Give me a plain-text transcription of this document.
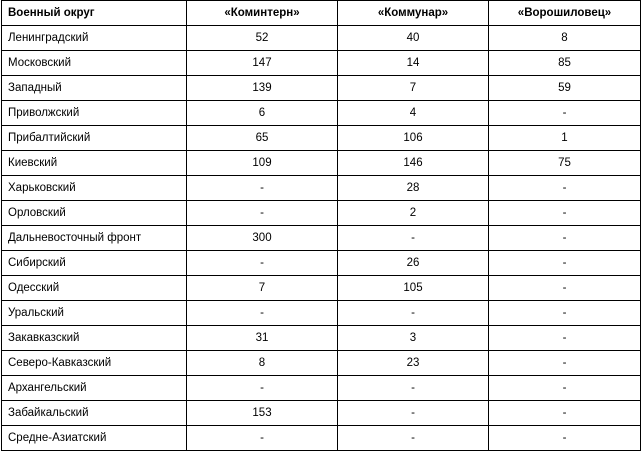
Военный округ	«Коминтерн»	«Коммунар»	«Ворошиловец»
Ленинградский	52	40	8
Московский	147	14	85
Западный	139	7	59
Приволжский	6	4	-
Прибалтийский	65	106	1
Киевский	109	146	75
Харьковский	-	28	-
Орловский	-	2	-
Дальневосточный фронт	300	-	-
Сибирский	-	26	-
Одесский	7	105	-
Уральский	-	-	-
Закавказский	31	3	-
Северо-Кавказский	8	23	-
Архангельский	-	-	-
Забайкальский	153	-	-
Средне-Азиатский	-	-	-
